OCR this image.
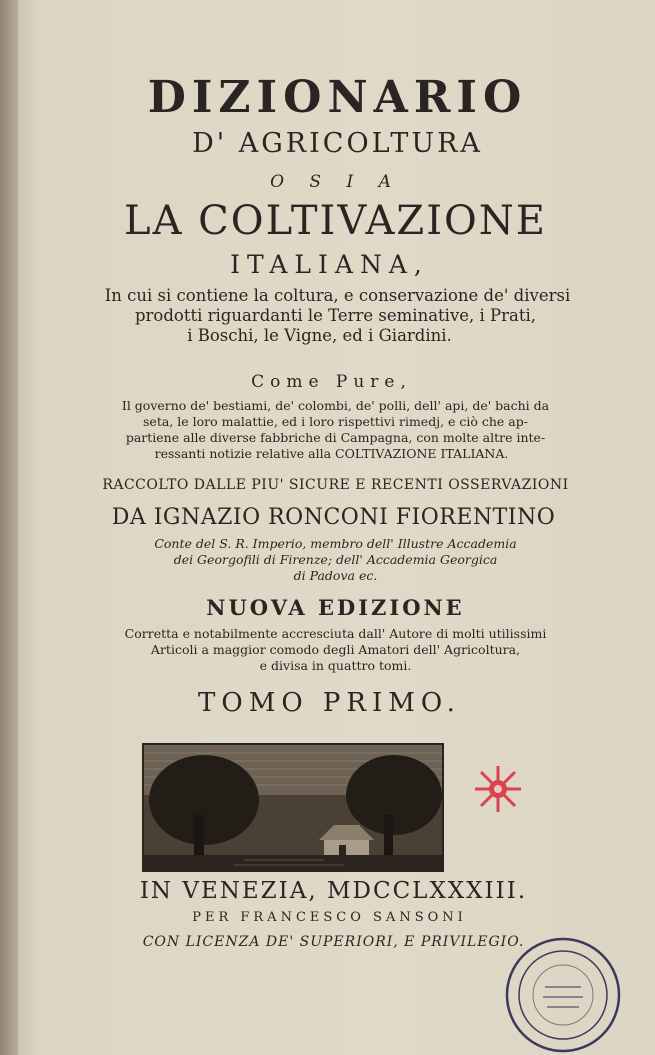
DIZIONARIO
D' AGRICOLTURA
O S I A
LA COLTIVAZIONE
ITALIANA,
In cui si contiene la coltura, e conservazione de' diversi
prodotti riguardanti le Terre seminative, i Prati,
i Boschi, le Vigne, ed i Giardini.
Come Pure,
Il governo de' bestiami, de' colombi, de' polli, dell' api, de' bachi da
seta, le loro malattie, ed i loro rispettivi rimedj, e ciò che ap-
partiene alle diverse fabbriche di Campagna, con molte altre inte-
ressanti notizie relative alla COLTIVAZIONE ITALIANA.
RACCOLTO DALLE PIU' SICURE E RECENTI OSSERVAZIONI
DA IGNAZIO RONCONI FIORENTINO
Conte del S. R. Imperio, membro dell' Illustre Accademia
dei Georgofili di Firenze; dell' Accademia Georgica
di Padova ec.
NUOVA EDIZIONE
Corretta e notabilmente accresciuta dall' Autore di molti utilissimi
Articoli a maggior comodo degli Amatori dell' Agricoltura,
e divisa in quattro tomi.
TOMO PRIMO.
IN VENEZIA, MDCCLXXXIII.
PER FRANCESCO SANSONI
CON LICENZA DE' SUPERIORI, E PRIVILEGIO.
